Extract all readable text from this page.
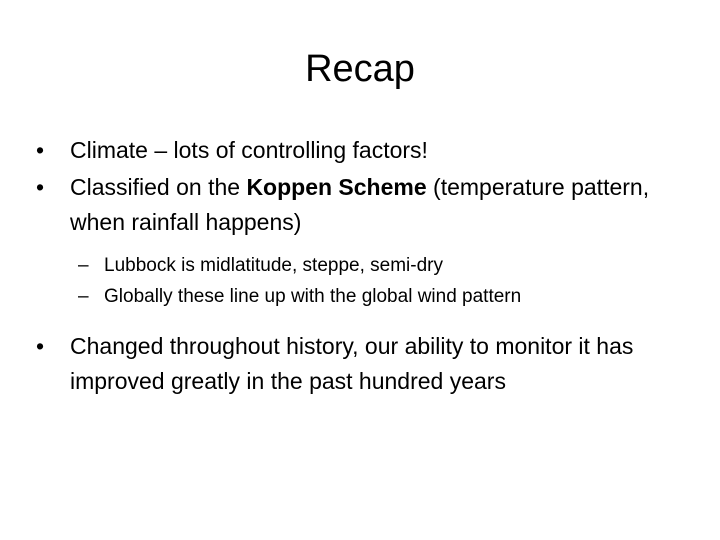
Recap
• Climate – lots of controlling factors!
• Classified on the Koppen Scheme (temperature pattern, when rainfall happens)
– Lubbock is midlatitude, steppe, semi-dry
– Globally these line up with the global wind pattern
• Changed throughout history, our ability to monitor it has improved greatly in the past hundred years
